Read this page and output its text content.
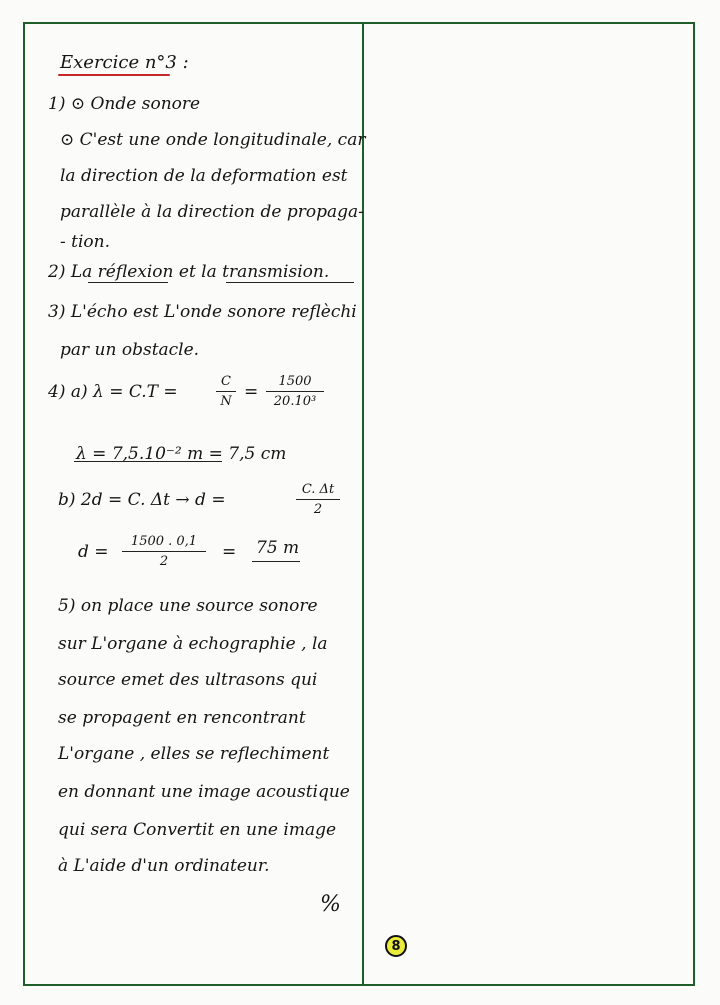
Exercice n°3 :
1) ⊙ Onde sonore
⊙ C'est une onde longitudinale, car
la direction de la deformation est
parallèle à la direction de propaga-
- tion.
2) La réflexion et la transmision.
3) L'écho est L'onde sonore reflèchi
par un obstacle.
4) a) λ = C.T =
C
N =
1500
20.10³
λ = 7,5.10⁻² m = 7,5 cm
b) 2d = C. Δt → d =
C. Δt
2
d =
1500 . 0,1
2	= 75 m
5) on place une source sonore
sur L'organe à echographie , la
source emet des ultrasons qui
se propagent en rencontrant
L'organe , elles se reflechiment
en donnant une image acoustique
qui sera Convertit en une image
à L'aide d'un ordinateur.
%
8
